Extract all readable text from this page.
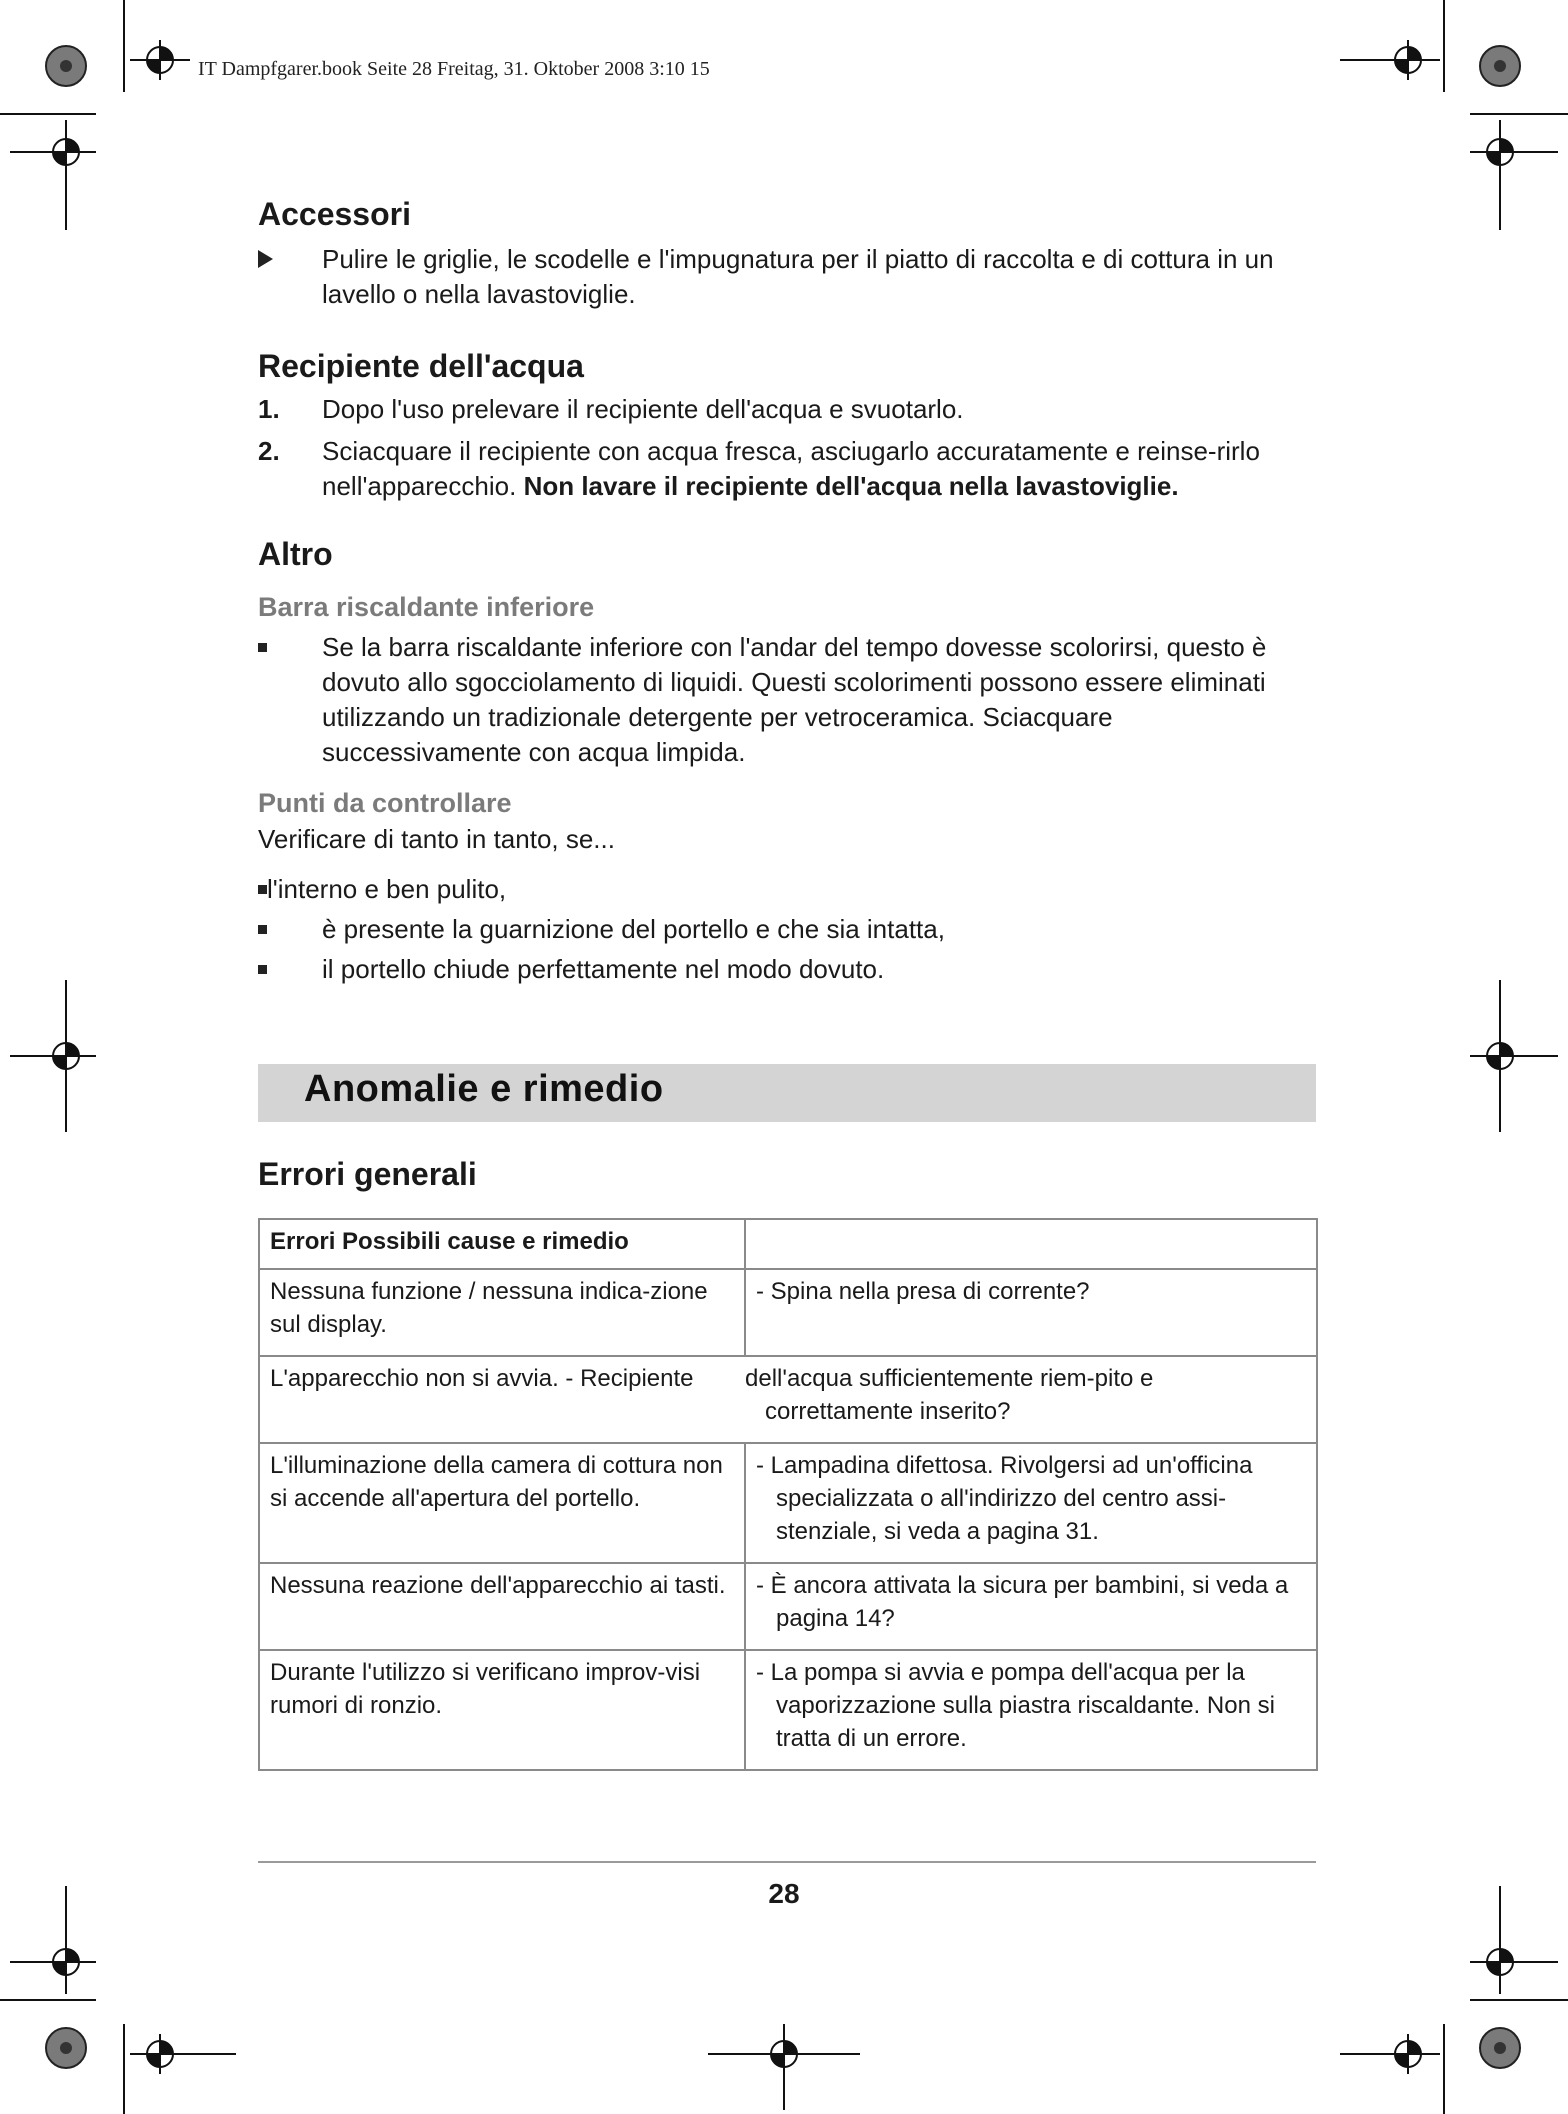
IT Dampfgarer.book Seite 28 Freitag, 31. Oktober 2008 3:10 15
Accessori
Pulire le griglie, le scodelle e l'impugnatura per il piatto di raccolta e di cottura in un lavello o nella lavastoviglie.
Recipiente dell'acqua
1.	Dopo l'uso prelevare il recipiente dell'acqua e svuotarlo.
2.	Sciacquare il recipiente con acqua fresca, asciugarlo accuratamente e reinse-rirlo nell'apparecchio. Non lavare il recipiente dell'acqua nella lavastoviglie.
Altro
Barra riscaldante inferiore
Se la barra riscaldante inferiore con l'andar del tempo dovesse scolorirsi, questo è dovuto allo sgocciolamento di liquidi. Questi scolorimenti possono essere eliminati utilizzando un tradizionale detergente per vetroceramica. Sciacquare successivamente con acqua limpida.
Punti da controllare
Verificare di tanto in tanto, se...
l'interno e ben pulito,
è presente la guarnizione del portello e che sia intatta,
il portello chiude perfettamente nel modo dovuto.
Anomalie e rimedio
Errori generali
Errori Possibili cause e rimedio	
Nessuna funzione / nessuna indica-zione sul display.	- Spina nella presa di corrente?

L'apparecchio non si avvia. - Recipiente	dell'acqua sufficientemente riem-pito e correttamente inserito?

L'illuminazione della camera di cottura non si accende all'apertura del portello.	- Lampadina difettosa. Rivolgersi ad un'officina specializzata o all'indirizzo del centro assi-stenziale, si veda a pagina 31.

Nessuna reazione dell'apparecchio ai tasti.	- È ancora attivata la sicura per bambini, si veda a pagina 14?

Durante l'utilizzo si verificano improv-visi rumori di ronzio.	- La pompa si avvia e pompa dell'acqua per la vaporizzazione sulla piastra riscaldante. Non si tratta di un errore.
28
